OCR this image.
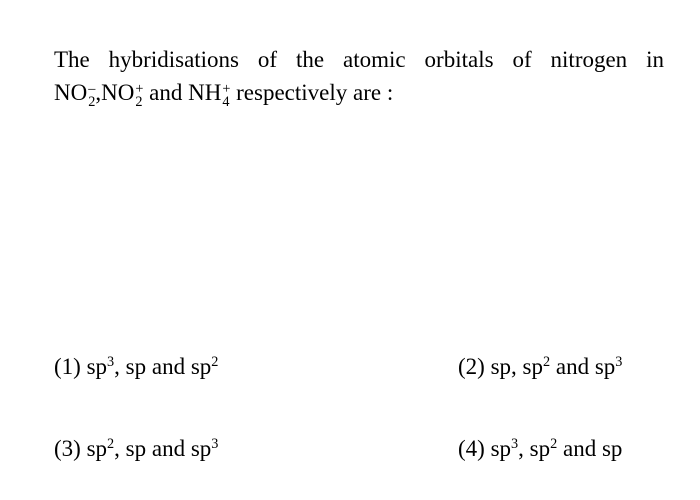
The hybridisations of the atomic orbitals of nitrogen in
NO –
2 ,NO +
2 and NH +
4 respectively are :
(1) $sp^3$, sp and $sp^2$	(2) sp, $sp^2$ and $sp^3$
(3) $sp^2$, sp and $sp^3$	(4) $sp^3$, $sp^2$ and sp
